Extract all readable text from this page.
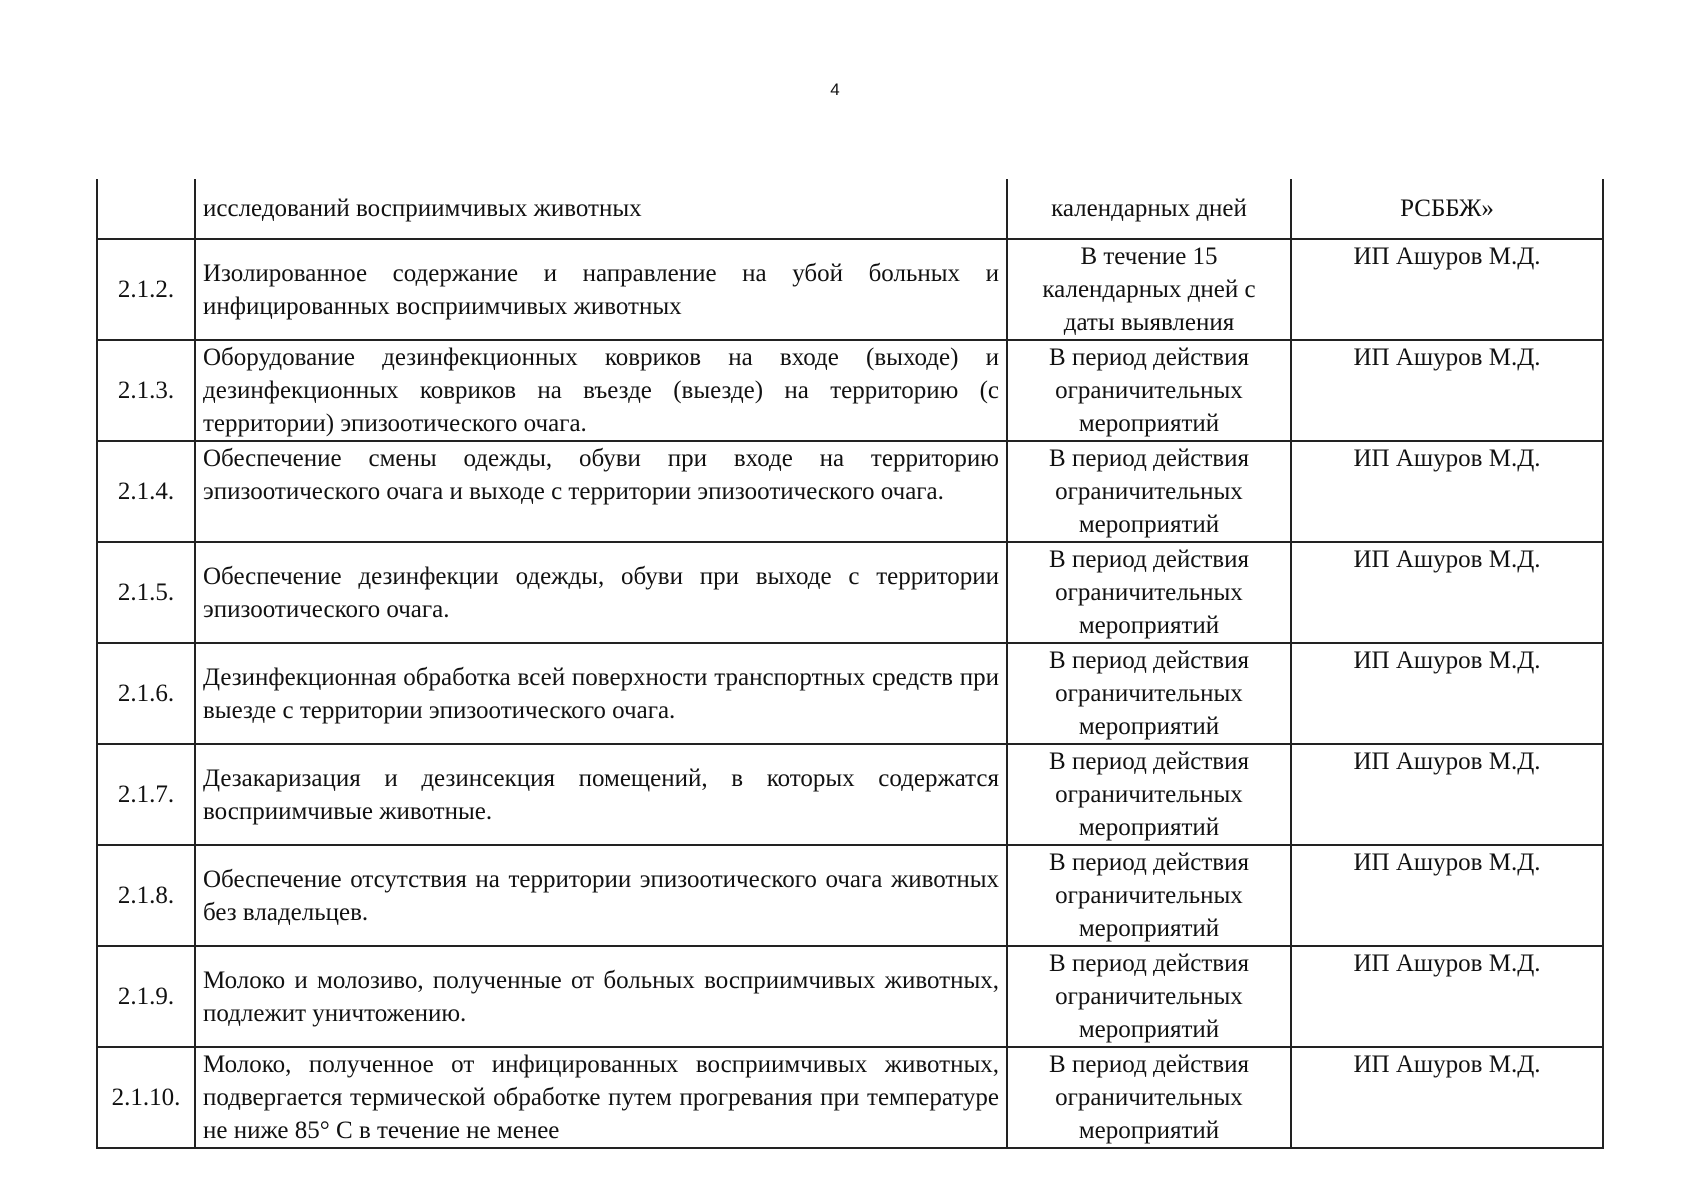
4
	исследований восприимчивых животных	календарных дней	РСББЖ»
2.1.2.	Изолированное содержание и направление на убой больных и инфицированных восприимчивых животных	В течение 15 календарных дней с даты выявления	ИП Ашуров М.Д.
2.1.3.	Оборудование дезинфекционных ковриков на входе (выходе) и дезинфекционных ковриков на въезде (выезде) на территорию (с территории) эпизоотического очага.	В период действия ограничительных мероприятий	ИП Ашуров М.Д.
2.1.4.	Обеспечение смены одежды, обуви при входе на территорию эпизоотического очага и выходе с территории эпизоотического очага.	В период действия ограничительных мероприятий	ИП Ашуров М.Д.
2.1.5.	Обеспечение дезинфекции одежды, обуви при выходе с территории эпизоотического очага.	В период действия ограничительных мероприятий	ИП Ашуров М.Д.
2.1.6.	Дезинфекционная обработка всей поверхности транспортных средств при выезде с территории эпизоотического очага.	В период действия ограничительных мероприятий	ИП Ашуров М.Д.
2.1.7.	Дезакаризация и дезинсекция помещений, в которых содержатся восприимчивые животные.	В период действия ограничительных мероприятий	ИП Ашуров М.Д.
2.1.8.	Обеспечение отсутствия на территории эпизоотического очага животных без владельцев.	В период действия ограничительных мероприятий	ИП Ашуров М.Д.
2.1.9.	Молоко и молозиво, полученные от больных восприимчивых животных, подлежит уничтожению.	В период действия ограничительных мероприятий	ИП Ашуров М.Д.
2.1.10.	Молоко, полученное от инфицированных восприимчивых животных, подвергается термической обработке путем прогревания при температуре не ниже 85° С в течение не менее	В период действия ограничительных мероприятий	ИП Ашуров М.Д.
